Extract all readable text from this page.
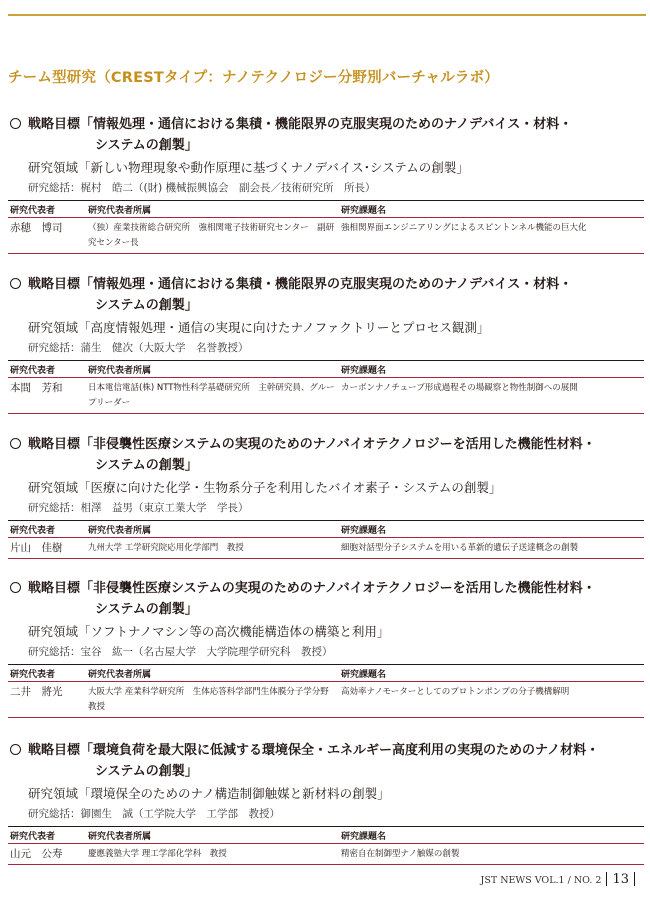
チーム型研究（CRESTタイプ：ナノテクノロジー分野別バーチャルラボ）
戦略目標「情報処理・通信における集積・機能限界の克服実現のためのナノデバイス・材料・
システムの創製」
研究領域「新しい物理現象や動作原理に基づくナノデバイス･システムの創製」
研究総括：梶村　皓二（(財) 機械振興協会　副会長／技術研究所　所長）
研究代表者	研究代表者所属	研究課題名
赤穂　博司	（独）産業技術総合研究所　強相関電子技術研究センター　副研究センター長	強相関界面エンジニアリングによるスピントンネル機能の巨大化
戦略目標「情報処理・通信における集積・機能限界の克服実現のためのナノデバイス・材料・
システムの創製」
研究領域「高度情報処理・通信の実現に向けたナノファクトリーとプロセス観測」
研究総括：蒲生　健次（大阪大学　名誉教授）
研究代表者	研究代表者所属	研究課題名
本間　芳和	日本電信電話(株) NTT物性科学基礎研究所　主幹研究員、グループリーダー	カーボンナノチューブ形成過程その場観察と物性制御への展開
戦略目標「非侵襲性医療システムの実現のためのナノバイオテクノロジーを活用した機能性材料・
システムの創製」
研究領域「医療に向けた化学・生物系分子を利用したバイオ素子・システムの創製」
研究総括：相澤　益男（東京工業大学　学長）
研究代表者	研究代表者所属	研究課題名
片山　佳樹	九州大学 工学研究院応用化学部門　教授	細胞対話型分子システムを用いる革新的遺伝子送達概念の創製
戦略目標「非侵襲性医療システムの実現のためのナノバイオテクノロジーを活用した機能性材料・
システムの創製」
研究領域「ソフトナノマシン等の高次機能構造体の構築と利用」
研究総括：宝谷　紘一（名古屋大学　大学院理学研究科　教授）
研究代表者	研究代表者所属	研究課題名
二井　將光	大阪大学 産業科学研究所　生体応答科学部門生体膜分子学分野　教授	高効率ナノモーターとしてのプロトンポンプの分子機構解明
戦略目標「環境負荷を最大限に低減する環境保全・エネルギー高度利用の実現のためのナノ材料・
システムの創製」
研究領域「環境保全のためのナノ構造制御触媒と新材料の創製」
研究総括：御園生　誠（工学院大学　工学部　教授）
研究代表者	研究代表者所属	研究課題名
山元　公寿	慶應義塾大学 理工学部化学科　教授	精密自在制御型ナノ触媒の創製
JST NEWS VOL.1 / NO. 2 13
